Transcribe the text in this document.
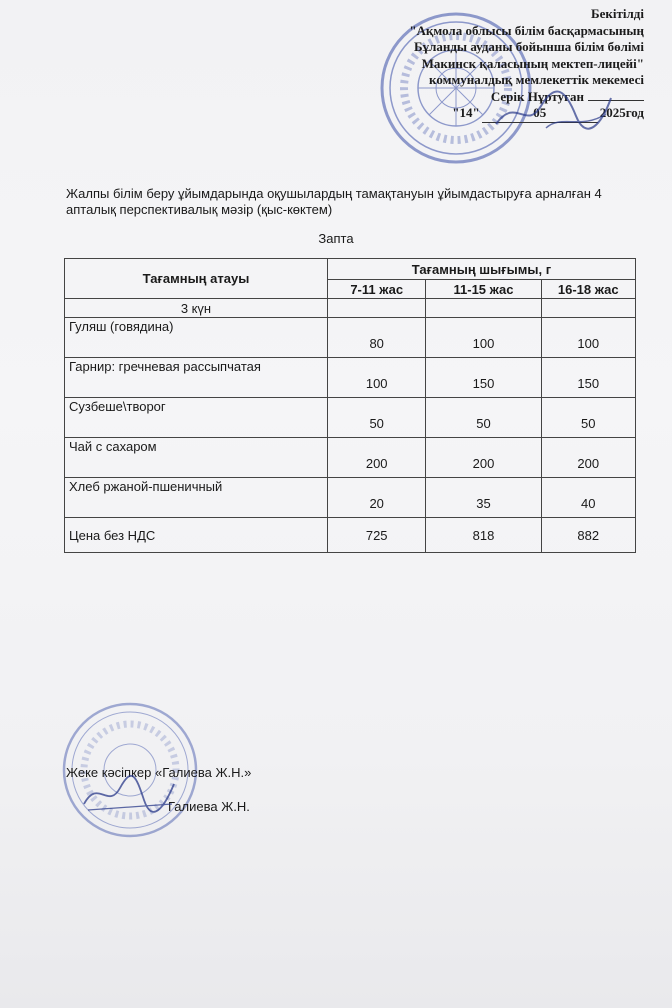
Бекітілді
"Ақмола облысы білім басқармасының
Бұланды ауданы бойынша білім бөлімі
Макинск қаласының мектеп-лицейі"
коммуналдық мемлекеттік мекемесі
Серік Нұртуған
"14"	05	2025год
Жалпы білім беру ұйымдарында оқушылардың тамақтануын ұйымдастыруға арналған 4 апталық перспективалық мәзір (қыс-көктем)
Запта
Тағамның атауы	Тағамның шығымы, г		
	7-11 жас	11-15 жас	16-18 жас
3 күн			
Гуляш (говядина)	80	100	100
Гарнир: гречневая рассыпчатая	100	150	150
Сузбеше\творог	50	50	50
Чай с сахаром	200	200	200
Хлеб ржаной-пшеничный	20	35	40
Цена без НДС	725	818	882
Жеке кәсіпкер «Галиева Ж.Н.»
Галиева Ж.Н.
